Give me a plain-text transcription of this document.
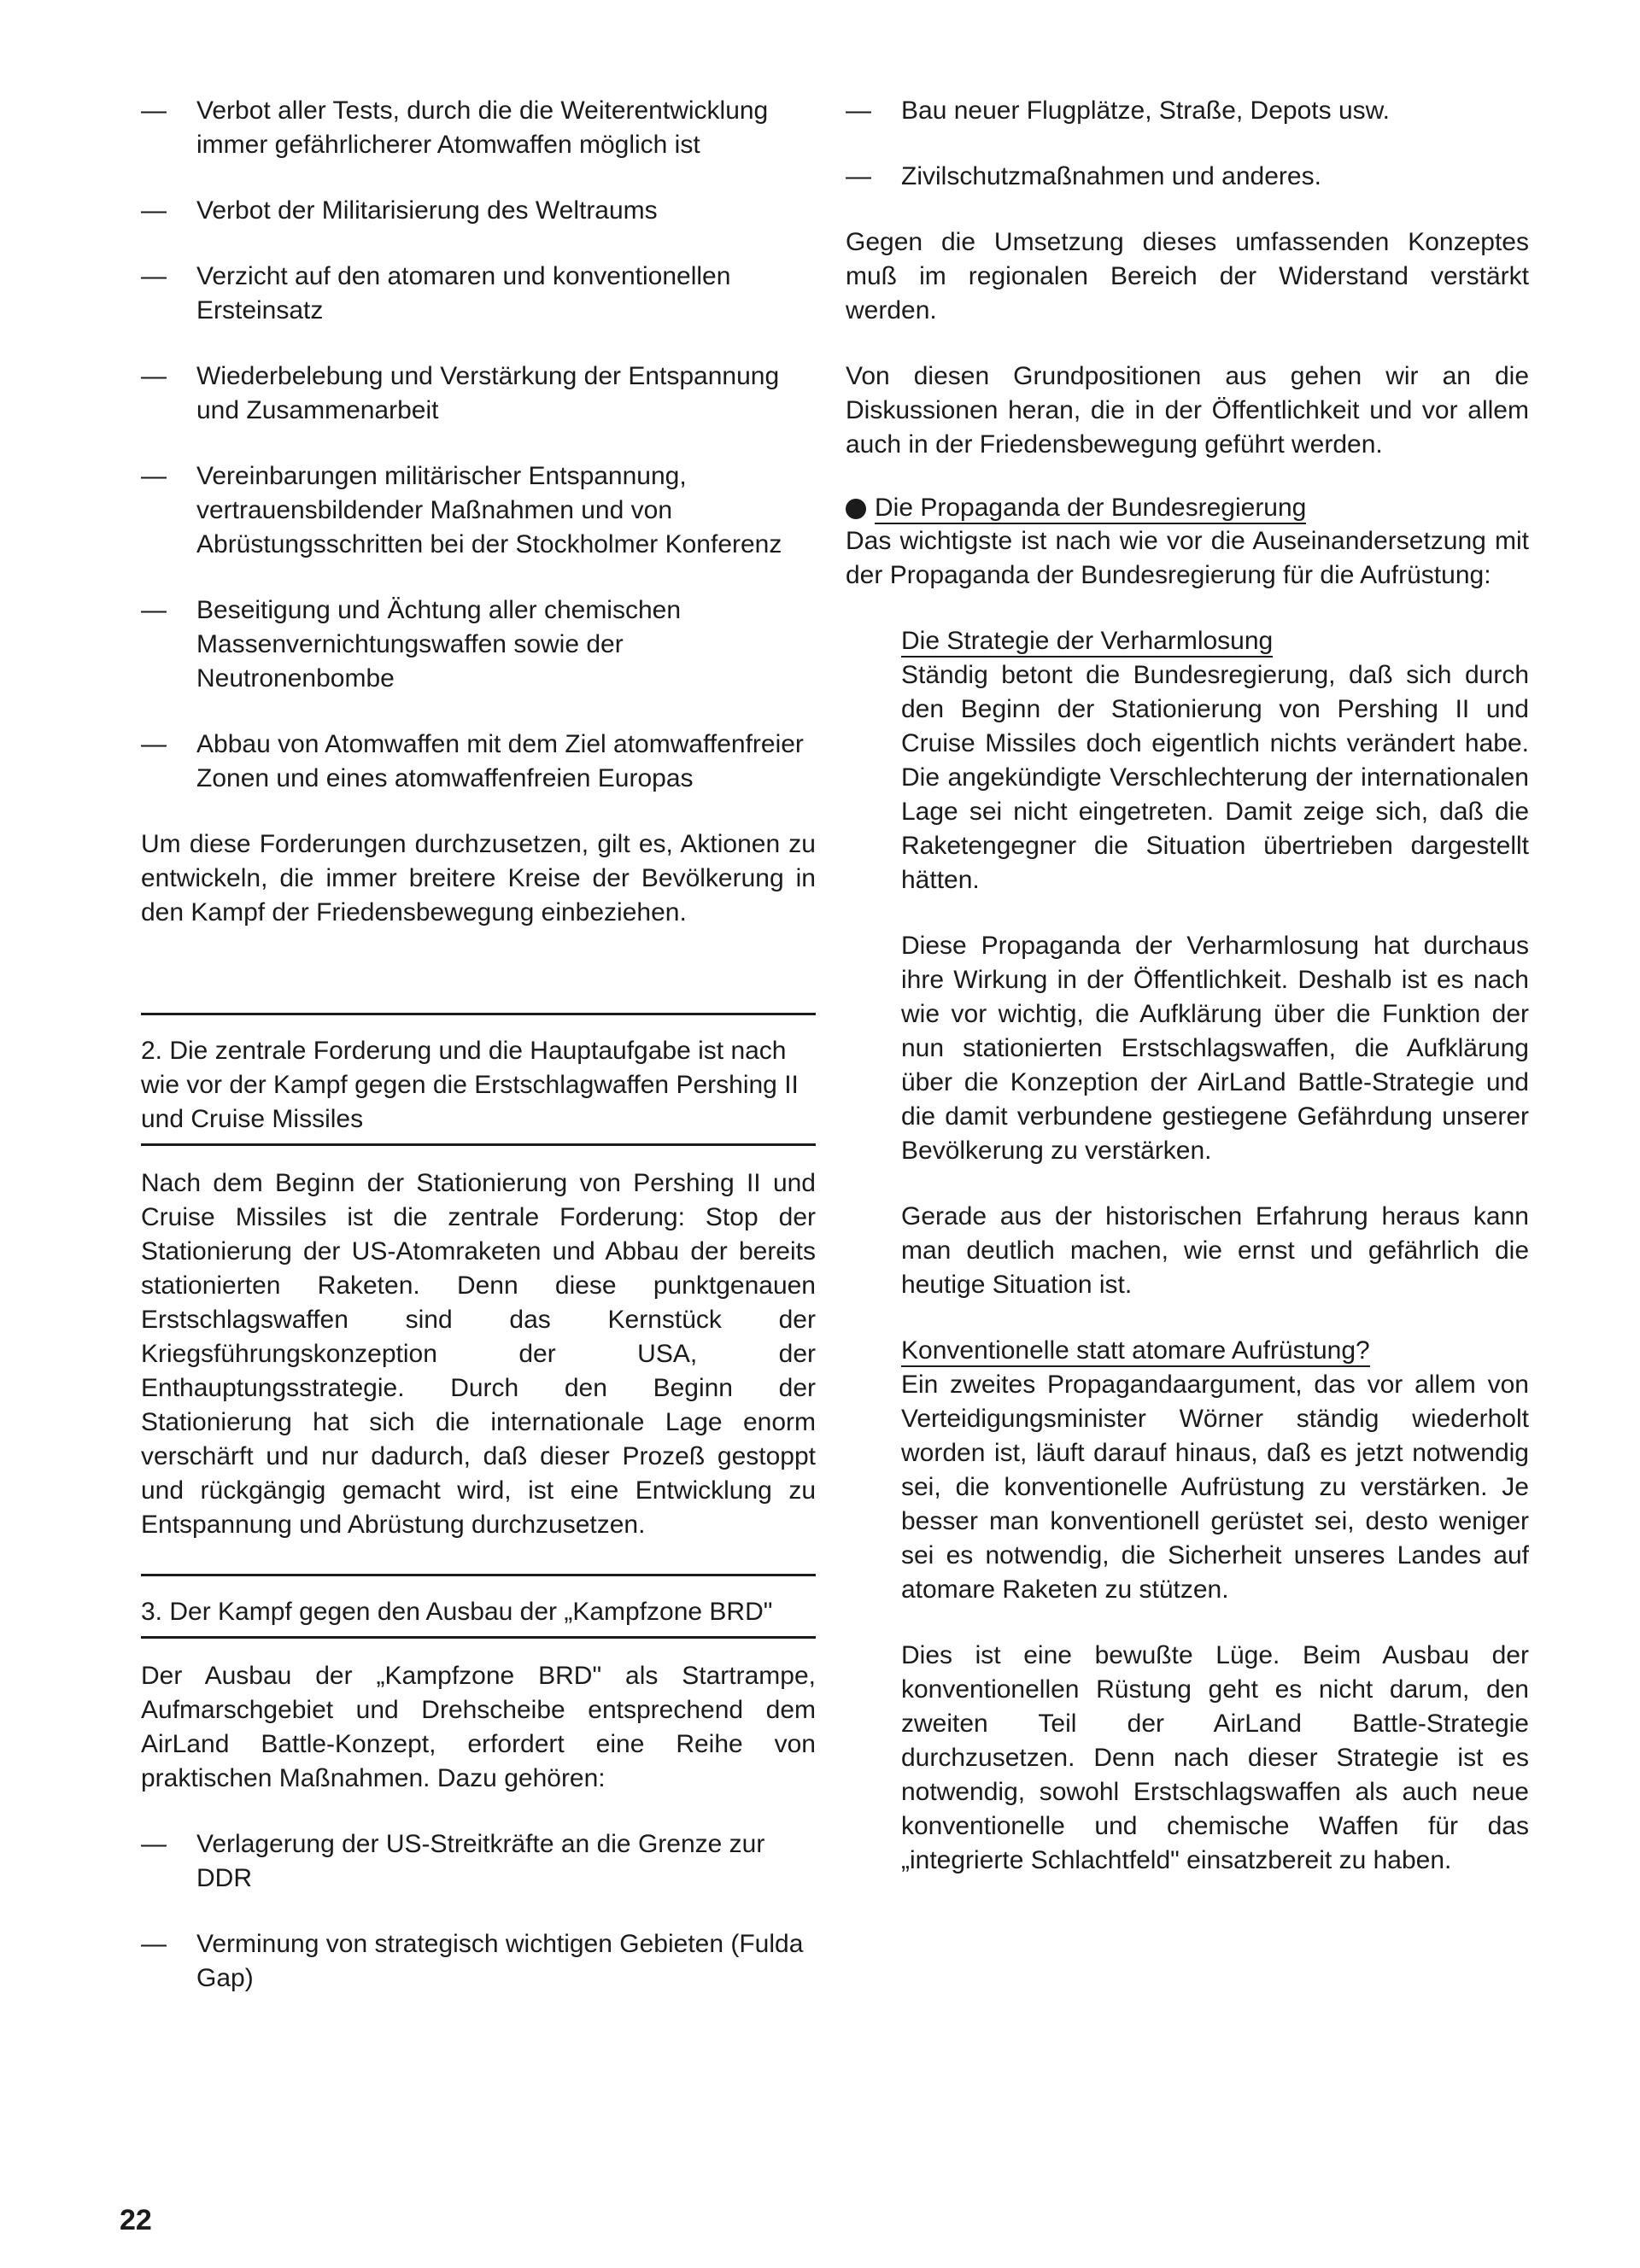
— Verbot aller Tests, durch die die Weiterentwicklung immer gefährlicherer Atomwaffen möglich ist
— Verbot der Militarisierung des Weltraums
— Verzicht auf den atomaren und konventionellen Ersteinsatz
— Wiederbelebung und Verstärkung der Entspannung und Zusammenarbeit
— Vereinbarungen militärischer Entspannung, vertrauensbildender Maßnahmen und von Abrüstungsschritten bei der Stockholmer Konferenz
— Beseitigung und Ächtung aller chemischen Massenvernichtungswaffen sowie der Neutronenbombe
— Abbau von Atomwaffen mit dem Ziel atomwaffenfreier Zonen und eines atomwaffenfreien Europas

Um diese Forderungen durchzusetzen, gilt es, Aktionen zu entwickeln, die immer breitere Kreise der Bevölkerung in den Kampf der Friedensbewegung einbeziehen.

2. Die zentrale Forderung und die Hauptaufgabe ist nach wie vor der Kampf gegen die Erstschlagwaffen Pershing II und Cruise Missiles

Nach dem Beginn der Stationierung von Pershing II und Cruise Missiles ist die zentrale Forderung: Stop der Stationierung der US-Atomraketen und Abbau der bereits stationierten Raketen. Denn diese punktgenauen Erstschlagswaffen sind das Kernstück der Kriegsführungskonzeption der USA, der Enthauptungsstrategie. Durch den Beginn der Stationierung hat sich die internationale Lage enorm verschärft und nur dadurch, daß dieser Prozeß gestoppt und rückgängig gemacht wird, ist eine Entwicklung zu Entspannung und Abrüstung durchzusetzen.

3. Der Kampf gegen den Ausbau der „Kampfzone BRD"

Der Ausbau der „Kampfzone BRD" als Startrampe, Aufmarschgebiet und Drehscheibe entsprechend dem AirLand Battle-Konzept, erfordert eine Reihe von praktischen Maßnahmen. Dazu gehören:

— Verlagerung der US-Streitkräfte an die Grenze zur DDR
— Verminung von strategisch wichtigen Gebieten (Fulda Gap)
— Bau neuer Flugplätze, Straße, Depots usw.
— Zivilschutzmaßnahmen und anderes.

Gegen die Umsetzung dieses umfassenden Konzeptes muß im regionalen Bereich der Widerstand verstärkt werden.

Von diesen Grundpositionen aus gehen wir an die Diskussionen heran, die in der Öffentlichkeit und vor allem auch in der Friedensbewegung geführt werden.

Die Propaganda der Bundesregierung

Das wichtigste ist nach wie vor die Auseinandersetzung mit der Propaganda der Bundesregierung für die Aufrüstung:

Die Strategie der Verharmlosung

Ständig betont die Bundesregierung, daß sich durch den Beginn der Stationierung von Pershing II und Cruise Missiles doch eigentlich nichts verändert habe. Die angekündigte Verschlechterung der internationalen Lage sei nicht eingetreten. Damit zeige sich, daß die Raketengegner die Situation übertrieben dargestellt hätten.

Diese Propaganda der Verharmlosung hat durchaus ihre Wirkung in der Öffentlichkeit. Deshalb ist es nach wie vor wichtig, die Aufklärung über die Funktion der nun stationierten Erstschlagswaffen, die Aufklärung über die Konzeption der AirLand Battle-Strategie und die damit verbundene gestiegene Gefährdung unserer Bevölkerung zu verstärken.

Gerade aus der historischen Erfahrung heraus kann man deutlich machen, wie ernst und gefährlich die heutige Situation ist.

Konventionelle statt atomare Aufrüstung?

Ein zweites Propagandaargument, das vor allem von Verteidigungsminister Wörner ständig wiederholt worden ist, läuft darauf hinaus, daß es jetzt notwendig sei, die konventionelle Aufrüstung zu verstärken. Je besser man konventionell gerüstet sei, desto weniger sei es notwendig, die Sicherheit unseres Landes auf atomare Raketen zu stützen.

Dies ist eine bewußte Lüge. Beim Ausbau der konventionellen Rüstung geht es nicht darum, den zweiten Teil der AirLand Battle-Strategie durchzusetzen. Denn nach dieser Strategie ist es notwendig, sowohl Erstschlagswaffen als auch neue konventionelle und chemische Waffen für das „integrierte Schlachtfeld" einsatzbereit zu haben.

22
